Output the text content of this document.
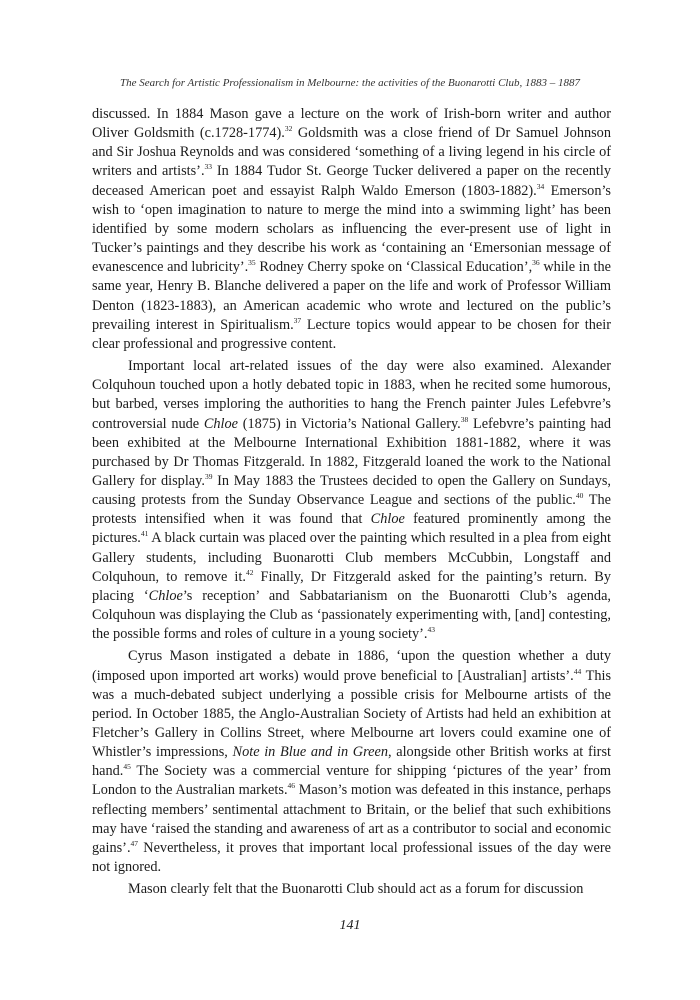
The Search for Artistic Professionalism in Melbourne: the activities of the Buonarotti Club, 1883 – 1887

discussed. In 1884 Mason gave a lecture on the work of Irish-born writer and author Oliver Goldsmith (c.1728-1774).$^{32}$ Goldsmith was a close friend of Dr Samuel Johnson and Sir Joshua Reynolds and was considered ‘something of a living legend in his circle of writers and artists’.$^{33}$ In 1884 Tudor St. George Tucker delivered a paper on the recently deceased American poet and essayist Ralph Waldo Emerson (1803-1882).$^{34}$ Emerson’s wish to ‘open imagination to nature to merge the mind into a swimming light’ has been identified by some modern scholars as influencing the ever-present use of light in Tucker’s paintings and they describe his work as ‘containing an ‘Emersonian message of evanescence and lubricity’.$^{35}$ Rodney Cherry spoke on ‘Classical Education’,$^{36}$ while in the same year, Henry B. Blanche delivered a paper on the life and work of Professor William Denton (1823-1883), an American academic who wrote and lectured on the public’s prevailing interest in Spiritualism.$^{37}$ Lecture topics would appear to be chosen for their clear professional and progressive content.

Important local art-related issues of the day were also examined. Alexander Colquhoun touched upon a hotly debated topic in 1883, when he recited some humorous, but barbed, verses imploring the authorities to hang the French painter Jules Lefebvre’s controversial nude Chloe (1875) in Victoria’s National Gallery.$^{38}$ Lefebvre’s painting had been exhibited at the Melbourne International Exhibition 1881-1882, where it was purchased by Dr Thomas Fitzgerald. In 1882, Fitzgerald loaned the work to the National Gallery for display.$^{39}$ In May 1883 the Trustees decided to open the Gallery on Sundays, causing protests from the Sunday Observance League and sections of the public.$^{40}$ The protests intensified when it was found that Chloe featured prominently among the pictures.$^{41}$ A black curtain was placed over the painting which resulted in a plea from eight Gallery students, including Buonarotti Club members McCubbin, Longstaff and Colquhoun, to remove it.$^{42}$ Finally, Dr Fitzgerald asked for the painting’s return. By placing ‘Chloe’s reception’ and Sabbatarianism on the Buonarotti Club’s agenda, Colquhoun was displaying the Club as ‘passionately experimenting with, [and] contesting, the possible forms and roles of culture in a young society’.$^{43}$

Cyrus Mason instigated a debate in 1886, ‘upon the question whether a duty (imposed upon imported art works) would prove beneficial to [Australian] artists’.$^{44}$ This was a much-debated subject underlying a possible crisis for Melbourne artists of the period. In October 1885, the Anglo-Australian Society of Artists had held an exhibition at Fletcher’s Gallery in Collins Street, where Melbourne art lovers could examine one of Whistler’s impressions, Note in Blue and in Green, alongside other British works at first hand.$^{45}$ The Society was a commercial venture for shipping ‘pictures of the year’ from London to the Australian markets.$^{46}$ Mason’s motion was defeated in this instance, perhaps reflecting members’ sentimental attachment to Britain, or the belief that such exhibitions may have ‘raised the standing and awareness of art as a contributor to social and economic gains’.$^{47}$ Nevertheless, it proves that important local professional issues of the day were not ignored.

Mason clearly felt that the Buonarotti Club should act as a forum for discussion

141
